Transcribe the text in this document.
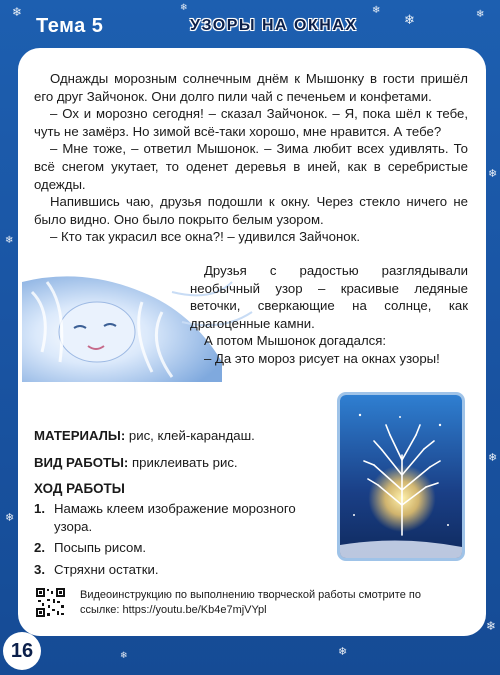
❄	❄	❄
❄	❄
❄
❄
❄
❄
❄
❄
❄
Тема 5	УЗОРЫ НА ОКНАХ

Однажды морозным солнечным днём к Мышонку в гости пришёл его друг Зайчонок. Они долго пили чай с печеньем и конфетами.

– Ох и морозно сегодня! – сказал Зайчонок. – Я, пока шёл к тебе, чуть не замёрз. Но зимой всё-таки хорошо, мне нравится. А тебе?

– Мне тоже, – ответил Мышонок. – Зима любит всех удивлять. То всё снегом укутает, то оденет деревья в иней, как в серебристые одежды.

Напившись чаю, друзья подошли к окну. Через стекло ничего не было видно. Оно было покрыто белым узором.

– Кто так украсил все окна?! – удивился Зайчонок.

Друзья с радостью разглядывали необычный узор – красивые ледяные веточки, сверкающие на солнце, как драгоценные камни.

А потом Мышонок догадался:

– Да это мороз рисует на окнах узоры!

МАТЕРИАЛЫ: рис, клей-карандаш.
ВИД РАБОТЫ: приклеивать рис.
ХОД РАБОТЫ
1. Намажь клеем изображение морозного узора.
2. Посыпь рисом.
3. Стряхни остатки.
Видеоинструкцию по выполнению творческой работы смотрите по ссылке: https://youtu.be/Kb4e7mjVYpl
16
